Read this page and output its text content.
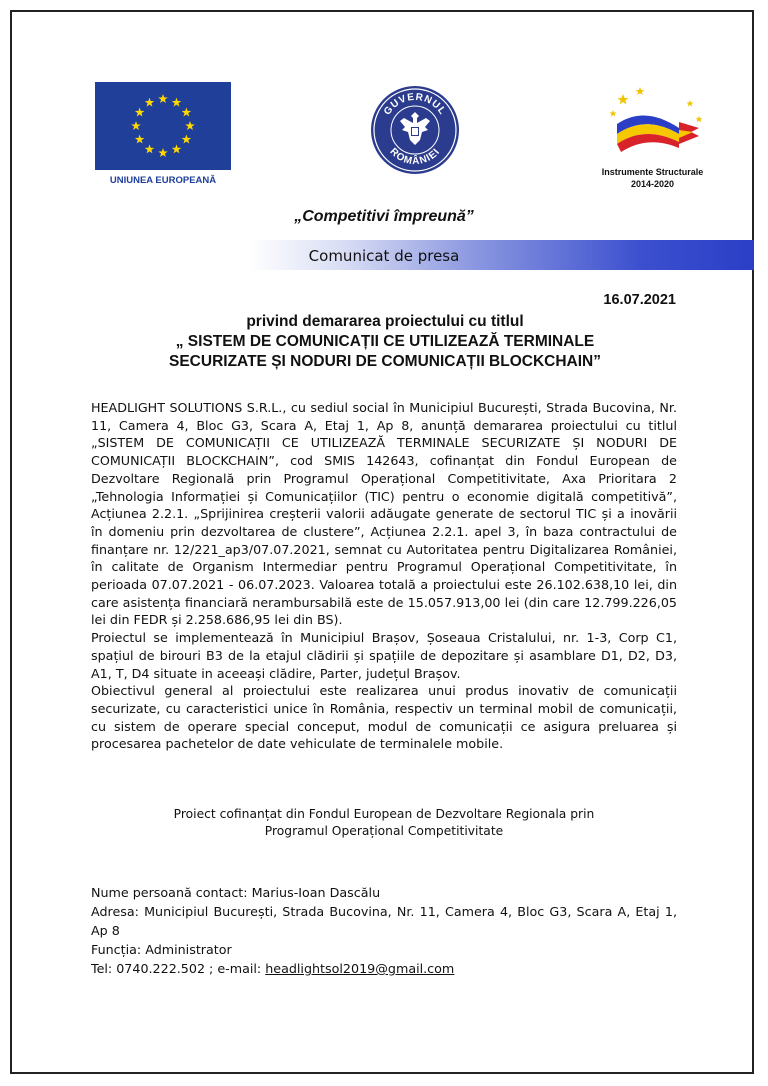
UNIUNEA EUROPEANĂ
GUVERNUL
ROMÂNIEI
Instrumente Structurale
2014-2020
„Competitivi împreună”
Comunicat de presa
16.07.2021
privind demararea proiectului cu titlul
„ SISTEM DE COMUNICAȚII CE UTILIZEAZĂ TERMINALE
SECURIZATE ȘI NODURI DE COMUNICAȚII BLOCKCHAIN”

HEADLIGHT SOLUTIONS S.R.L., cu sediul social în Municipiul București, Strada Bucovina, Nr. 11, Camera 4, Bloc G3, Scara A, Etaj 1, Ap 8, anunță demararea proiectului cu titlul „SISTEM DE COMUNICAȚII CE UTILIZEAZĂ TERMINALE SECURIZATE ȘI NODURI DE COMUNICAȚII BLOCKCHAIN”, cod SMIS 142643, cofinanțat din Fondul European de Dezvoltare Regională prin Programul Operațional Competitivitate, Axa Prioritara 2 „Tehnologia Informației și Comunicațiilor (TIC) pentru o economie digitală competitivă”, Acțiunea 2.2.1. „Sprijinirea creșterii valorii adăugate generate de sectorul TIC și a inovării în domeniu prin dezvoltarea de clustere”, Acțiunea 2.2.1. apel 3, în baza contractului de finanțare nr. 12/221_ap3/07.07.2021, semnat cu Autoritatea pentru Digitalizarea României, în calitate de Organism Intermediar pentru Programul Operațional Competitivitate, în perioada 07.07.2021 - 06.07.2023. Valoarea totală a proiectului este 26.102.638,10 lei, din care asistența financiară nerambursabilă este de 15.057.913,00 lei (din care 12.799.226,05 lei din FEDR și 2.258.686,95 lei din BS).

Proiectul se implementează în Municipiul Brașov, Șoseaua Cristalului, nr. 1-3, Corp C1, spațiul de birouri B3 de la etajul clădirii și spațiile de depozitare și asamblare D1, D2, D3, A1, T, D4 situate in aceeași clădire, Parter, județul Brașov.

Obiectivul general al proiectului este realizarea unui produs inovativ de comunicații securizate, cu caracteristici unice în România, respectiv un terminal mobil de comunicații, cu sistem de operare special conceput, modul de comunicații ce asigura preluarea și procesarea pachetelor de date vehiculate de terminalele mobile.

Proiect cofinanțat din Fondul European de Dezvoltare Regionala prin
Programul Operațional Competitivitate

Nume persoană contact: Marius-Ioan Dascălu

Adresa: Municipiul București, Strada Bucovina, Nr. 11, Camera 4, Bloc G3, Scara A, Etaj 1, Ap 8

Funcția: Administrator

Tel: 0740.222.502 ; e-mail: headlightsol2019@gmail.com
